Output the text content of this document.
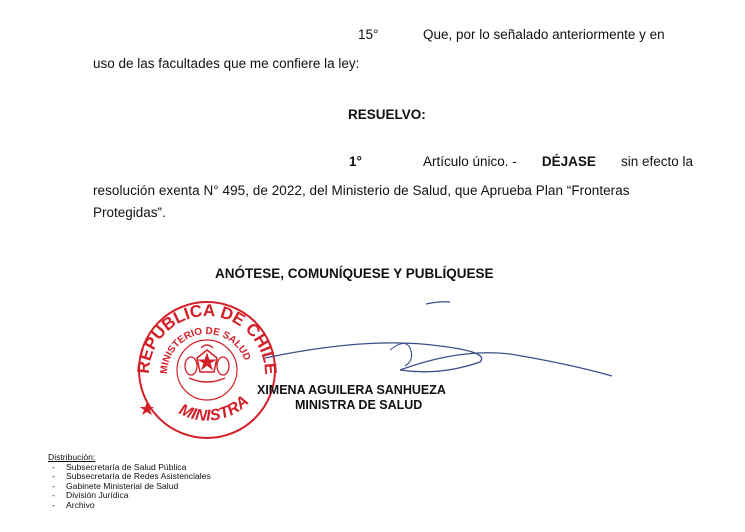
15°	Que, por lo señalado anteriormente y en
uso de las facultades que me confiere la ley:
RESUELVO:
1°	Artículo único. - DÉJASE sin efecto la
resolución exenta N° 495, de 2022, del Ministerio de Salud, que Aprueba Plan “Fronteras
Protegidas”.
ANÓTESE, COMUNÍQUESE Y PUBLÍQUESE
REPUBLICA DE CHILE
MINISTERIO DE SALUD
MINISTRA
XIMENA AGUILERA SANHUEZA
MINISTRA DE SALUD
Distribución:
-	Subsecretaría de Salud Pública
-	Subsecretaría de Redes Asistenciales
-	Gabinete Ministerial de Salud
-	División Jurídica
-	Archivo
